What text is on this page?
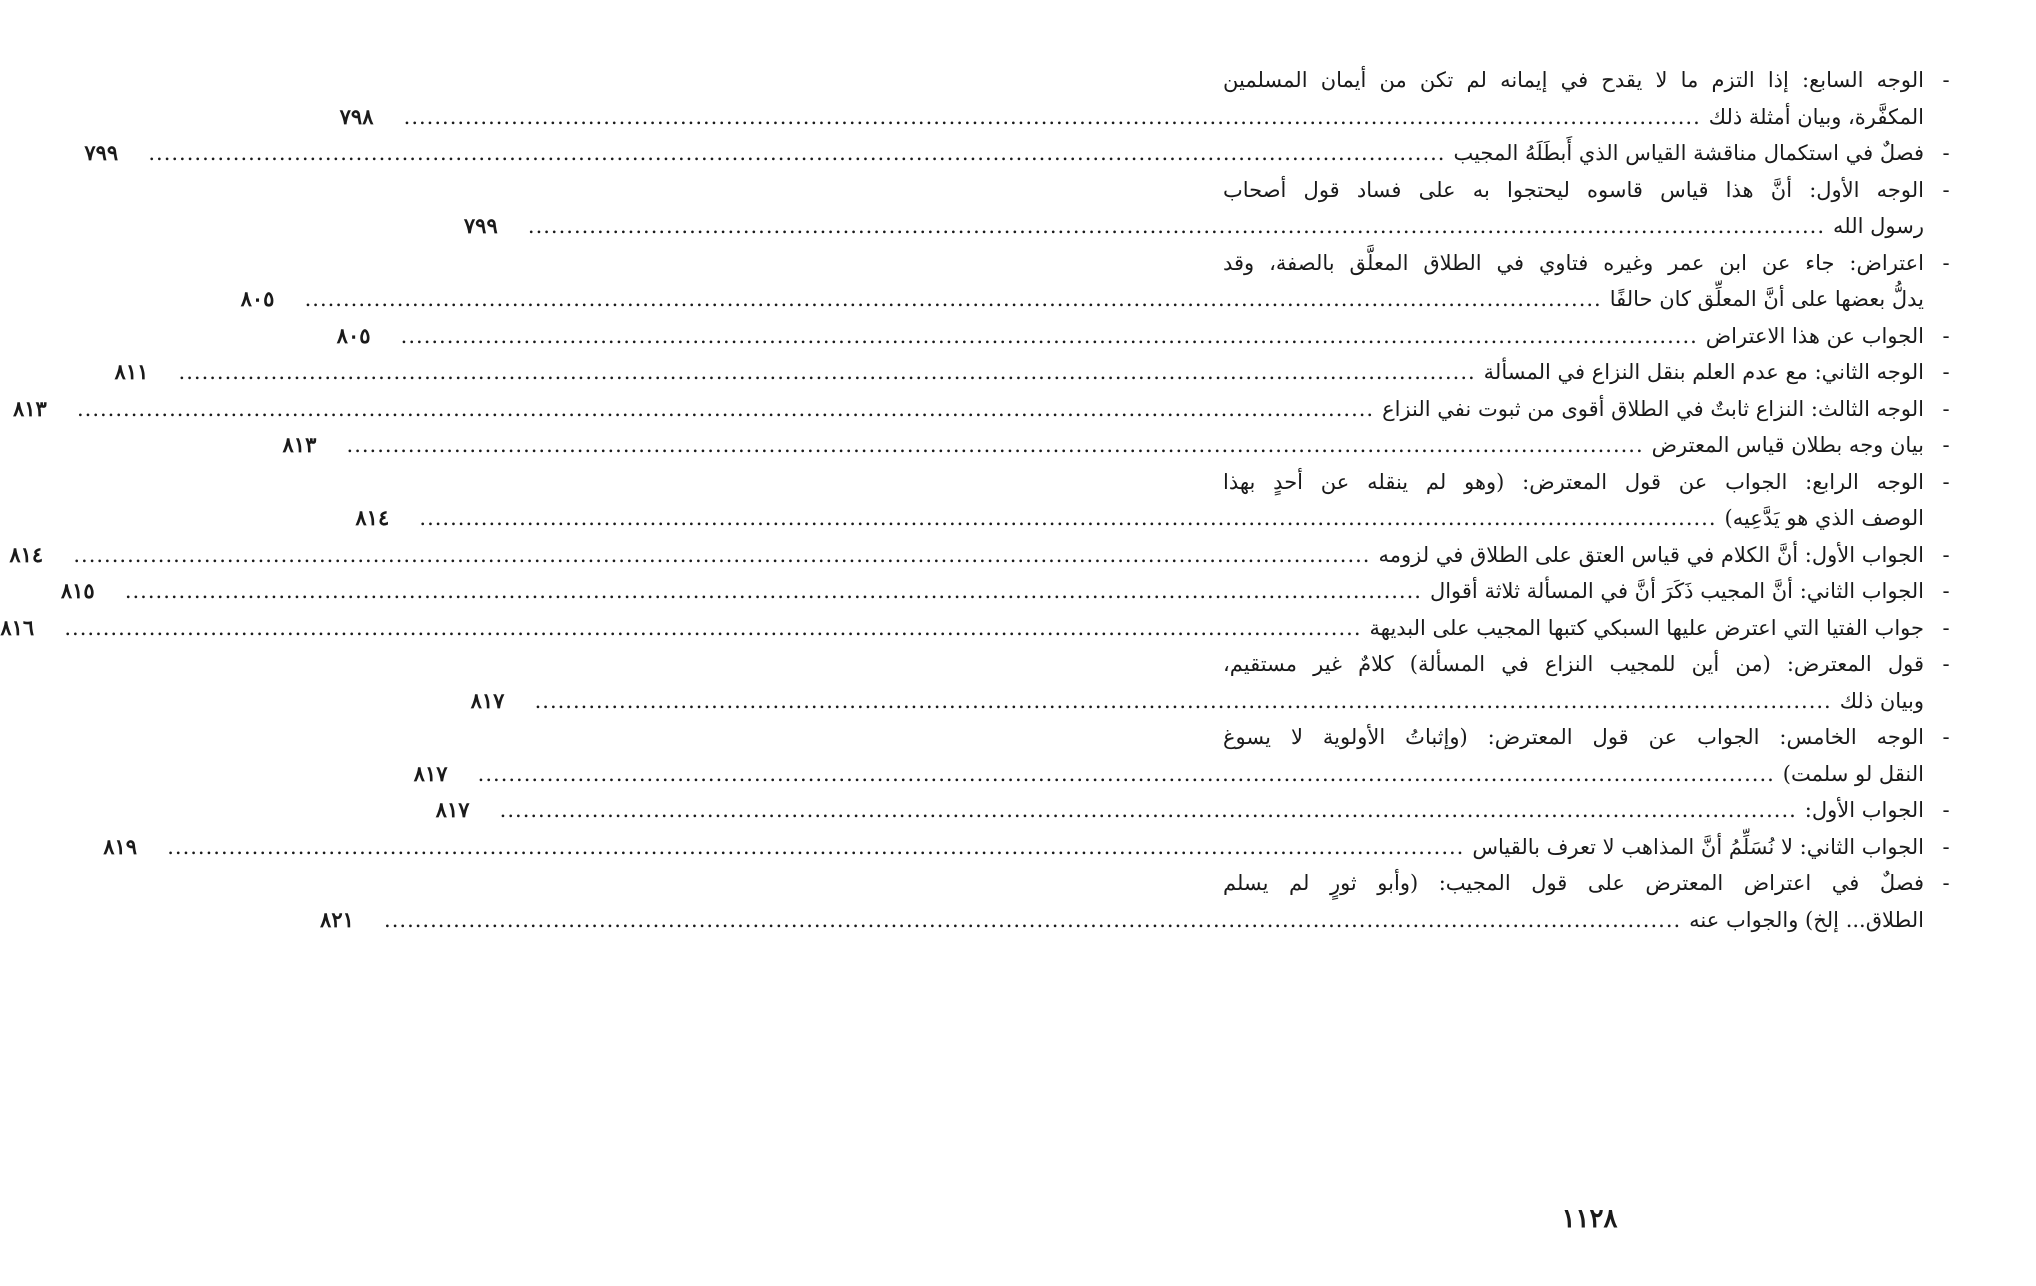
-
الوجه السابع: إذا التزم ما لا يقدح في إيمانه لم تكن من أيمان المسلمين
المكفَّرة، وبيان أمثلة ذلك
.....
٧٩٨
-
فصلٌ في استكمال مناقشة القياس الذي أَبطَلَهُ المجيب
.....
٧٩٩
-
الوجه الأول: أنَّ هذا قياس قاسوه ليحتجوا به على فساد قول أصحاب
رسول الله
.....
٧٩٩
-
اعتراض: جاء عن ابن عمر وغيره فتاوي في الطلاق المعلَّق بالصفة، وقد
يدلُّ بعضها على أنَّ المعلِّق كان حالفًا
.....
٨٠٥
-
الجواب عن هذا الاعتراض
.....
٨٠٥
-
الوجه الثاني: مع عدم العلم بنقل النزاع في المسألة
.....
٨١١
-
الوجه الثالث: النزاع ثابتٌ في الطلاق أقوى من ثبوت نفي النزاع
.....
٨١٣
-
بيان وجه بطلان قياس المعترض
.....
٨١٣
-
الوجه الرابع: الجواب عن قول المعترض: (وهو لم ينقله عن أحدٍ بهذا
الوصف الذي هو يَدَّعِيه)
.....
٨١٤
-
الجواب الأول: أنَّ الكلام في قياس العتق على الطلاق في لزومه
.....
٨١٤
-
الجواب الثاني: أنَّ المجيب ذَكَرَ أنَّ في المسألة ثلاثة أقوال
.....
٨١٥
-
جواب الفتيا التي اعترض عليها السبكي كتبها المجيب على البديهة
.....
٨١٦
-
قول المعترض: (من أين للمجيب النزاع في المسألة) كلامٌ غير مستقيم،
وبيان ذلك
.....
٨١٧
-
الوجه الخامس: الجواب عن قول المعترض: (وإثباتُ الأولوية لا يسوغ
النقل لو سلمت)
.....
٨١٧
-
الجواب الأول:
.....
٨١٧
-
الجواب الثاني: لا نُسَلِّمُ أنَّ المذاهب لا تعرف بالقياس
.....
٨١٩
-
فصلٌ في اعتراض المعترض على قول المجيب: (وأبو ثورٍ لم يسلم
الطلاق... إلخ) والجواب عنه
.....
٨٢١
١١٢٨
